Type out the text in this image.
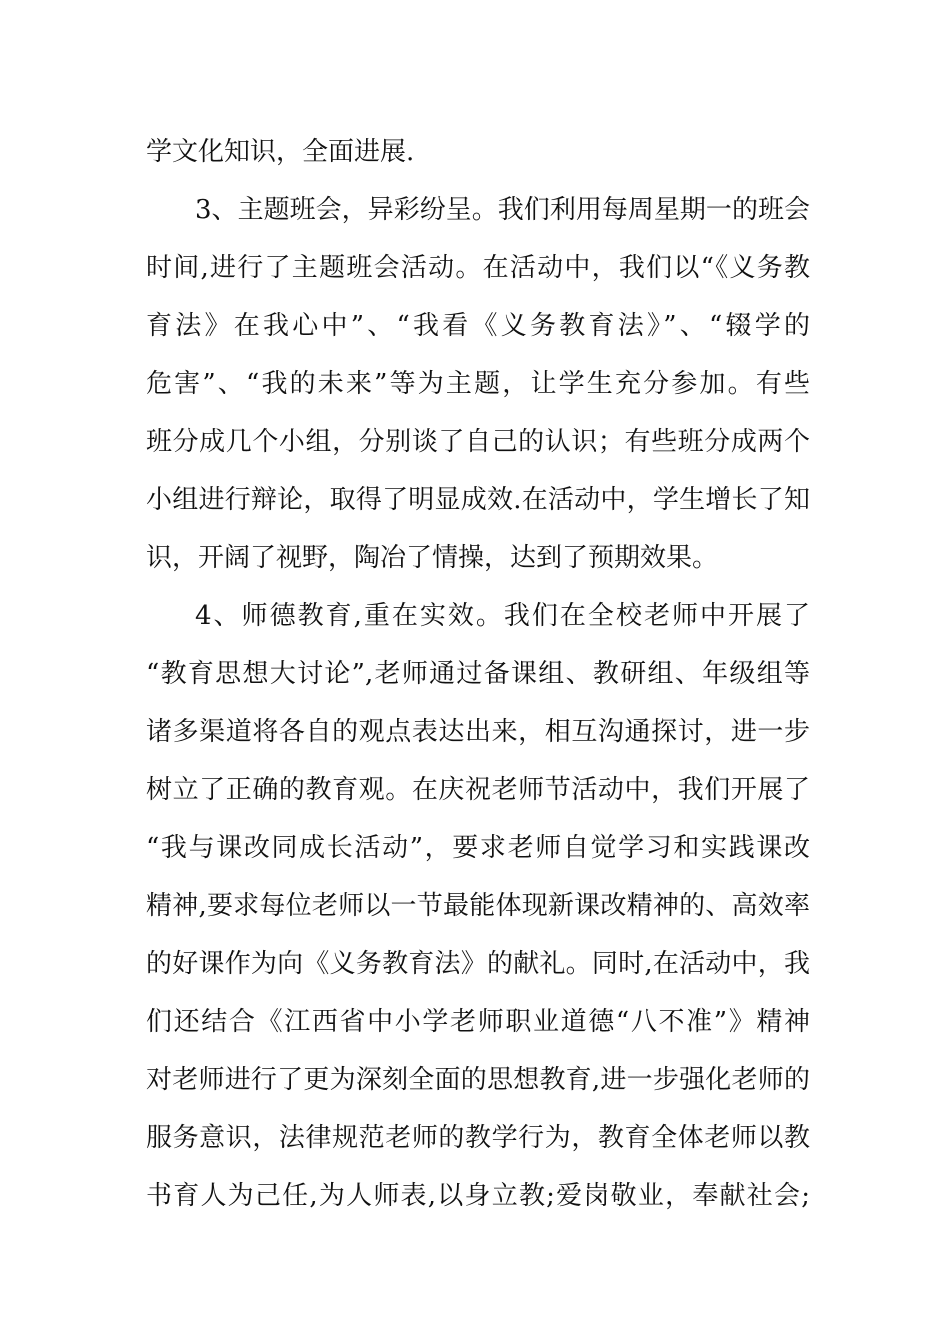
学文化知识，全面进展.
3、主题班会，异彩纷呈。我们利用每周星期一的班会
时间,进行了主题班会活动。在活动中，我们以“《义务教
育法》在我心中”、“我看《义务教育法》”、“辍学的
危害”、“我的未来”等为主题，让学生充分参加。有些
班分成几个小组，分别谈了自己的认识；有些班分成两个
小组进行辩论，取得了明显成效.在活动中，学生增长了知
识，开阔了视野，陶冶了情操，达到了预期效果。
4、师德教育,重在实效。我们在全校老师中开展了
“教育思想大讨论”,老师通过备课组、教研组、年级组等
诸多渠道将各自的观点表达出来，相互沟通探讨，进一步
树立了正确的教育观。在庆祝老师节活动中，我们开展了
“我与课改同成长活动”，要求老师自觉学习和实践课改
精神,要求每位老师以一节最能体现新课改精神的、高效率
的好课作为向《义务教育法》的献礼。同时,在活动中，我
们还结合《江西省中小学老师职业道德“八不准”》精神
对老师进行了更为深刻全面的思想教育,进一步强化老师的
服务意识，法律规范老师的教学行为，教育全体老师以教
书育人为己任,为人师表,以身立教;爱岗敬业，奉献社会;
